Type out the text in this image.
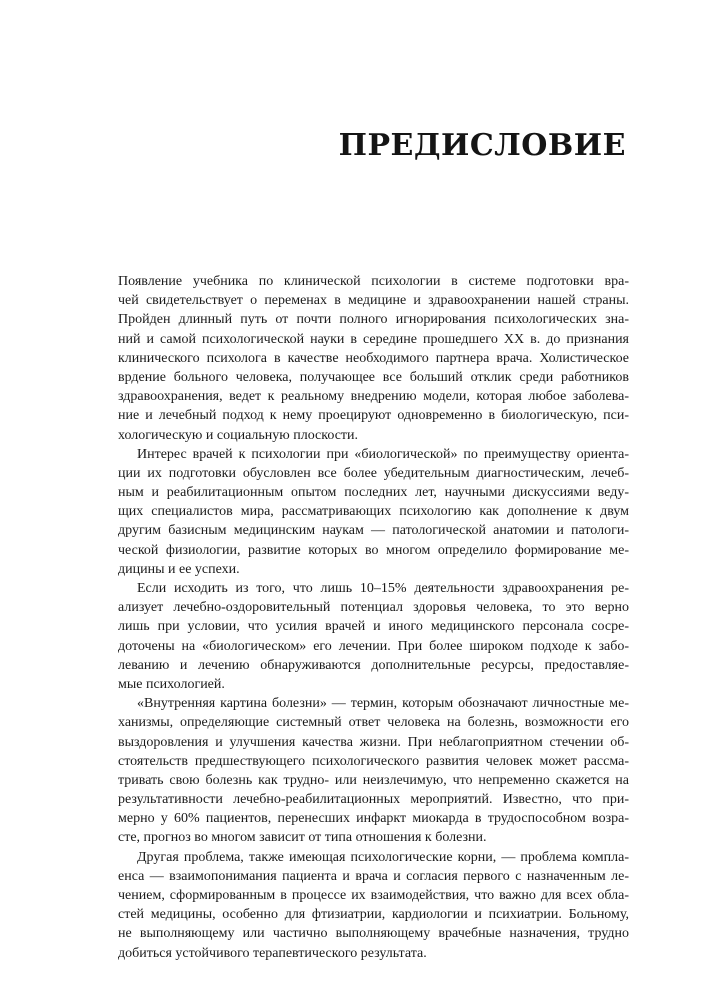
ПРЕДИСЛОВИЕ
Появление учебника по клинической психологии в системе подготовки вра-
чей свидетельствует о переменах в медицине и здравоохранении нашей страны.
Пройден длинный путь от почти полного игнорирования психологических зна-
ний и самой психологической науки в середине прошедшего XX в. до признания
клинического психолога в качестве необходимого партнера врача. Холистическое
врдение больного человека, получающее все больший отклик среди работников
здравоохранения, ведет к реальному внедрению модели, которая любое заболева-
ние и лечебный подход к нему проецируют одновременно в биологическую, пси-
хологическую и социальную плоскости.
Интерес врачей к психологии при «биологической» по преимуществу ориента-
ции их подготовки обусловлен все более убедительным диагностическим, лечеб-
ным и реабилитационным опытом последних лет, научными дискуссиями веду-
щих специалистов мира, рассматривающих психологию как дополнение к двум
другим базисным медицинским наукам — патологической анатомии и патологи-
ческой физиологии, развитие которых во многом определило формирование ме-
дицины и ее успехи.
Если исходить из того, что лишь 10–15% деятельности здравоохранения ре-
ализует лечебно-оздоровительный потенциал здоровья человека, то это верно
лишь при условии, что усилия врачей и иного медицинского персонала сосре-
доточены на «биологическом» его лечении. При более широком подходе к забо-
леванию и лечению обнаруживаются дополнительные ресурсы, предоставляе-
мые психологией.
«Внутренняя картина болезни» — термин, которым обозначают личностные ме-
ханизмы, определяющие системный ответ человека на болезнь, возможности его
выздоровления и улучшения качества жизни. При неблагоприятном стечении об-
стоятельств предшествующего психологического развития человек может рассма-
тривать свою болезнь как трудно- или неизлечимую, что непременно скажется на
результативности лечебно-реабилитационных мероприятий. Известно, что при-
мерно у 60% пациентов, перенесших инфаркт миокарда в трудоспособном возра-
сте, прогноз во многом зависит от типа отношения к болезни.
Другая проблема, также имеющая психологические корни, — проблема компла-
енса — взаимопонимания пациента и врача и согласия первого с назначенным ле-
чением, сформированным в процессе их взаимодействия, что важно для всех обла-
стей медицины, особенно для фтизиатрии, кардиологии и психиатрии. Больному,
не выполняющему или частично выполняющему врачебные назначения, трудно
добиться устойчивого терапевтического результата.
